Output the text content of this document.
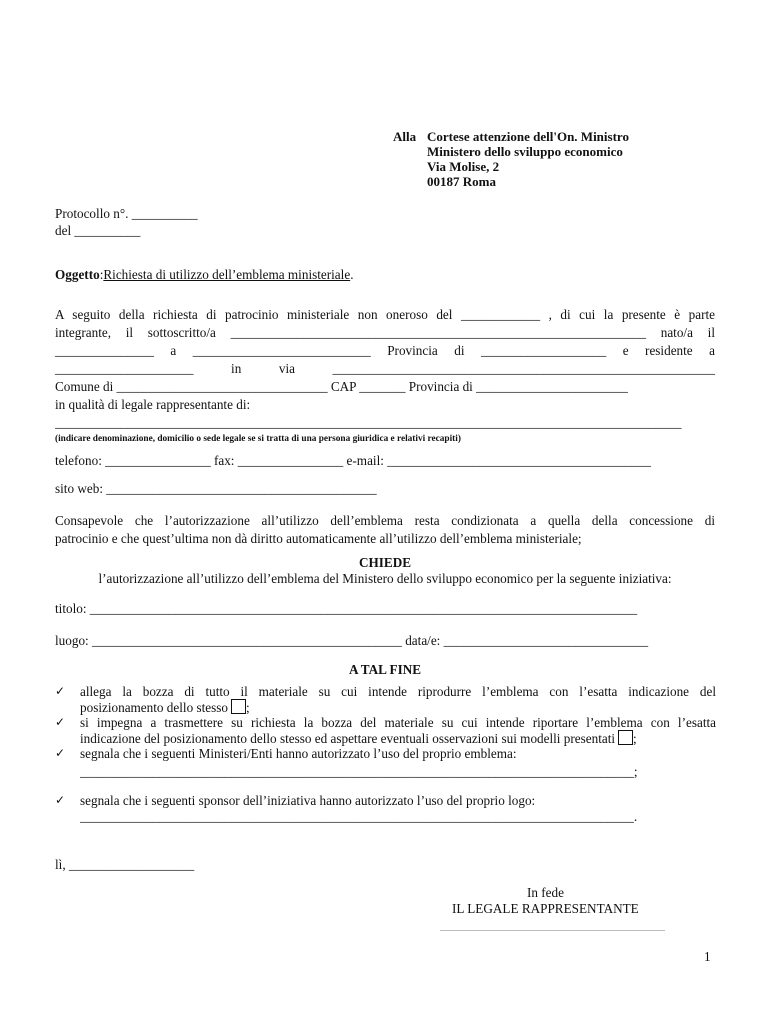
Alla Cortese attenzione dell'On. Ministro
Ministero dello sviluppo economico
Via Molise, 2
00187 Roma
Protocollo n°. __________
del __________
Oggetto:Richiesta di utilizzo dell’emblema ministeriale.
A seguito della richiesta di patrocinio ministeriale non oneroso del ____________ , di cui la presente è parte
integrante, il sottoscritto/a _______________________________________________________________ nato/a il
_______________ a ___________________________ Provincia di ___________________ e residente a
_____________________ in via __________________________________________________________
Comune di ________________________________ CAP _______ Provincia di _______________________
in qualità di legale rappresentante di:
_______________________________________________________________________________________________
(indicare denominazione, domicilio o sede legale se si tratta di una persona giuridica e relativi recapiti)
telefono: ________________ fax: ________________ e-mail: ________________________________________
sito web: _________________________________________
Consapevole che l’autorizzazione all’utilizzo dell’emblema resta condizionata a quella della concessione di
patrocinio e che quest’ultima non dà diritto automaticamente all’utilizzo dell’emblema ministeriale;
CHIEDE
l’autorizzazione all’utilizzo dell’emblema del Ministero dello sviluppo economico per la seguente iniziativa:
titolo: ___________________________________________________________________________________
luogo: _______________________________________________ data/e: _______________________________
A TAL FINE
✓ allega la bozza di tutto il materiale su cui intende riprodurre l’emblema con l’esatta indicazione del
posizionamento dello stesso ;
✓ si impegna a trasmettere su richiesta la bozza del materiale su cui intende riportare l’emblema con l’esatta
indicazione del posizionamento dello stesso ed aspettare eventuali osservazioni sui modelli presentati ;
✓ segnala che i seguenti Ministeri/Enti hanno autorizzato l’uso del proprio emblema:
____________________________________________________________________________________;
✓ segnala che i seguenti sponsor dell’iniziativa hanno autorizzato l’uso del proprio logo:
____________________________________________________________________________________.
lì, ___________________
In fede
IL LEGALE RAPPRESENTANTE
1
